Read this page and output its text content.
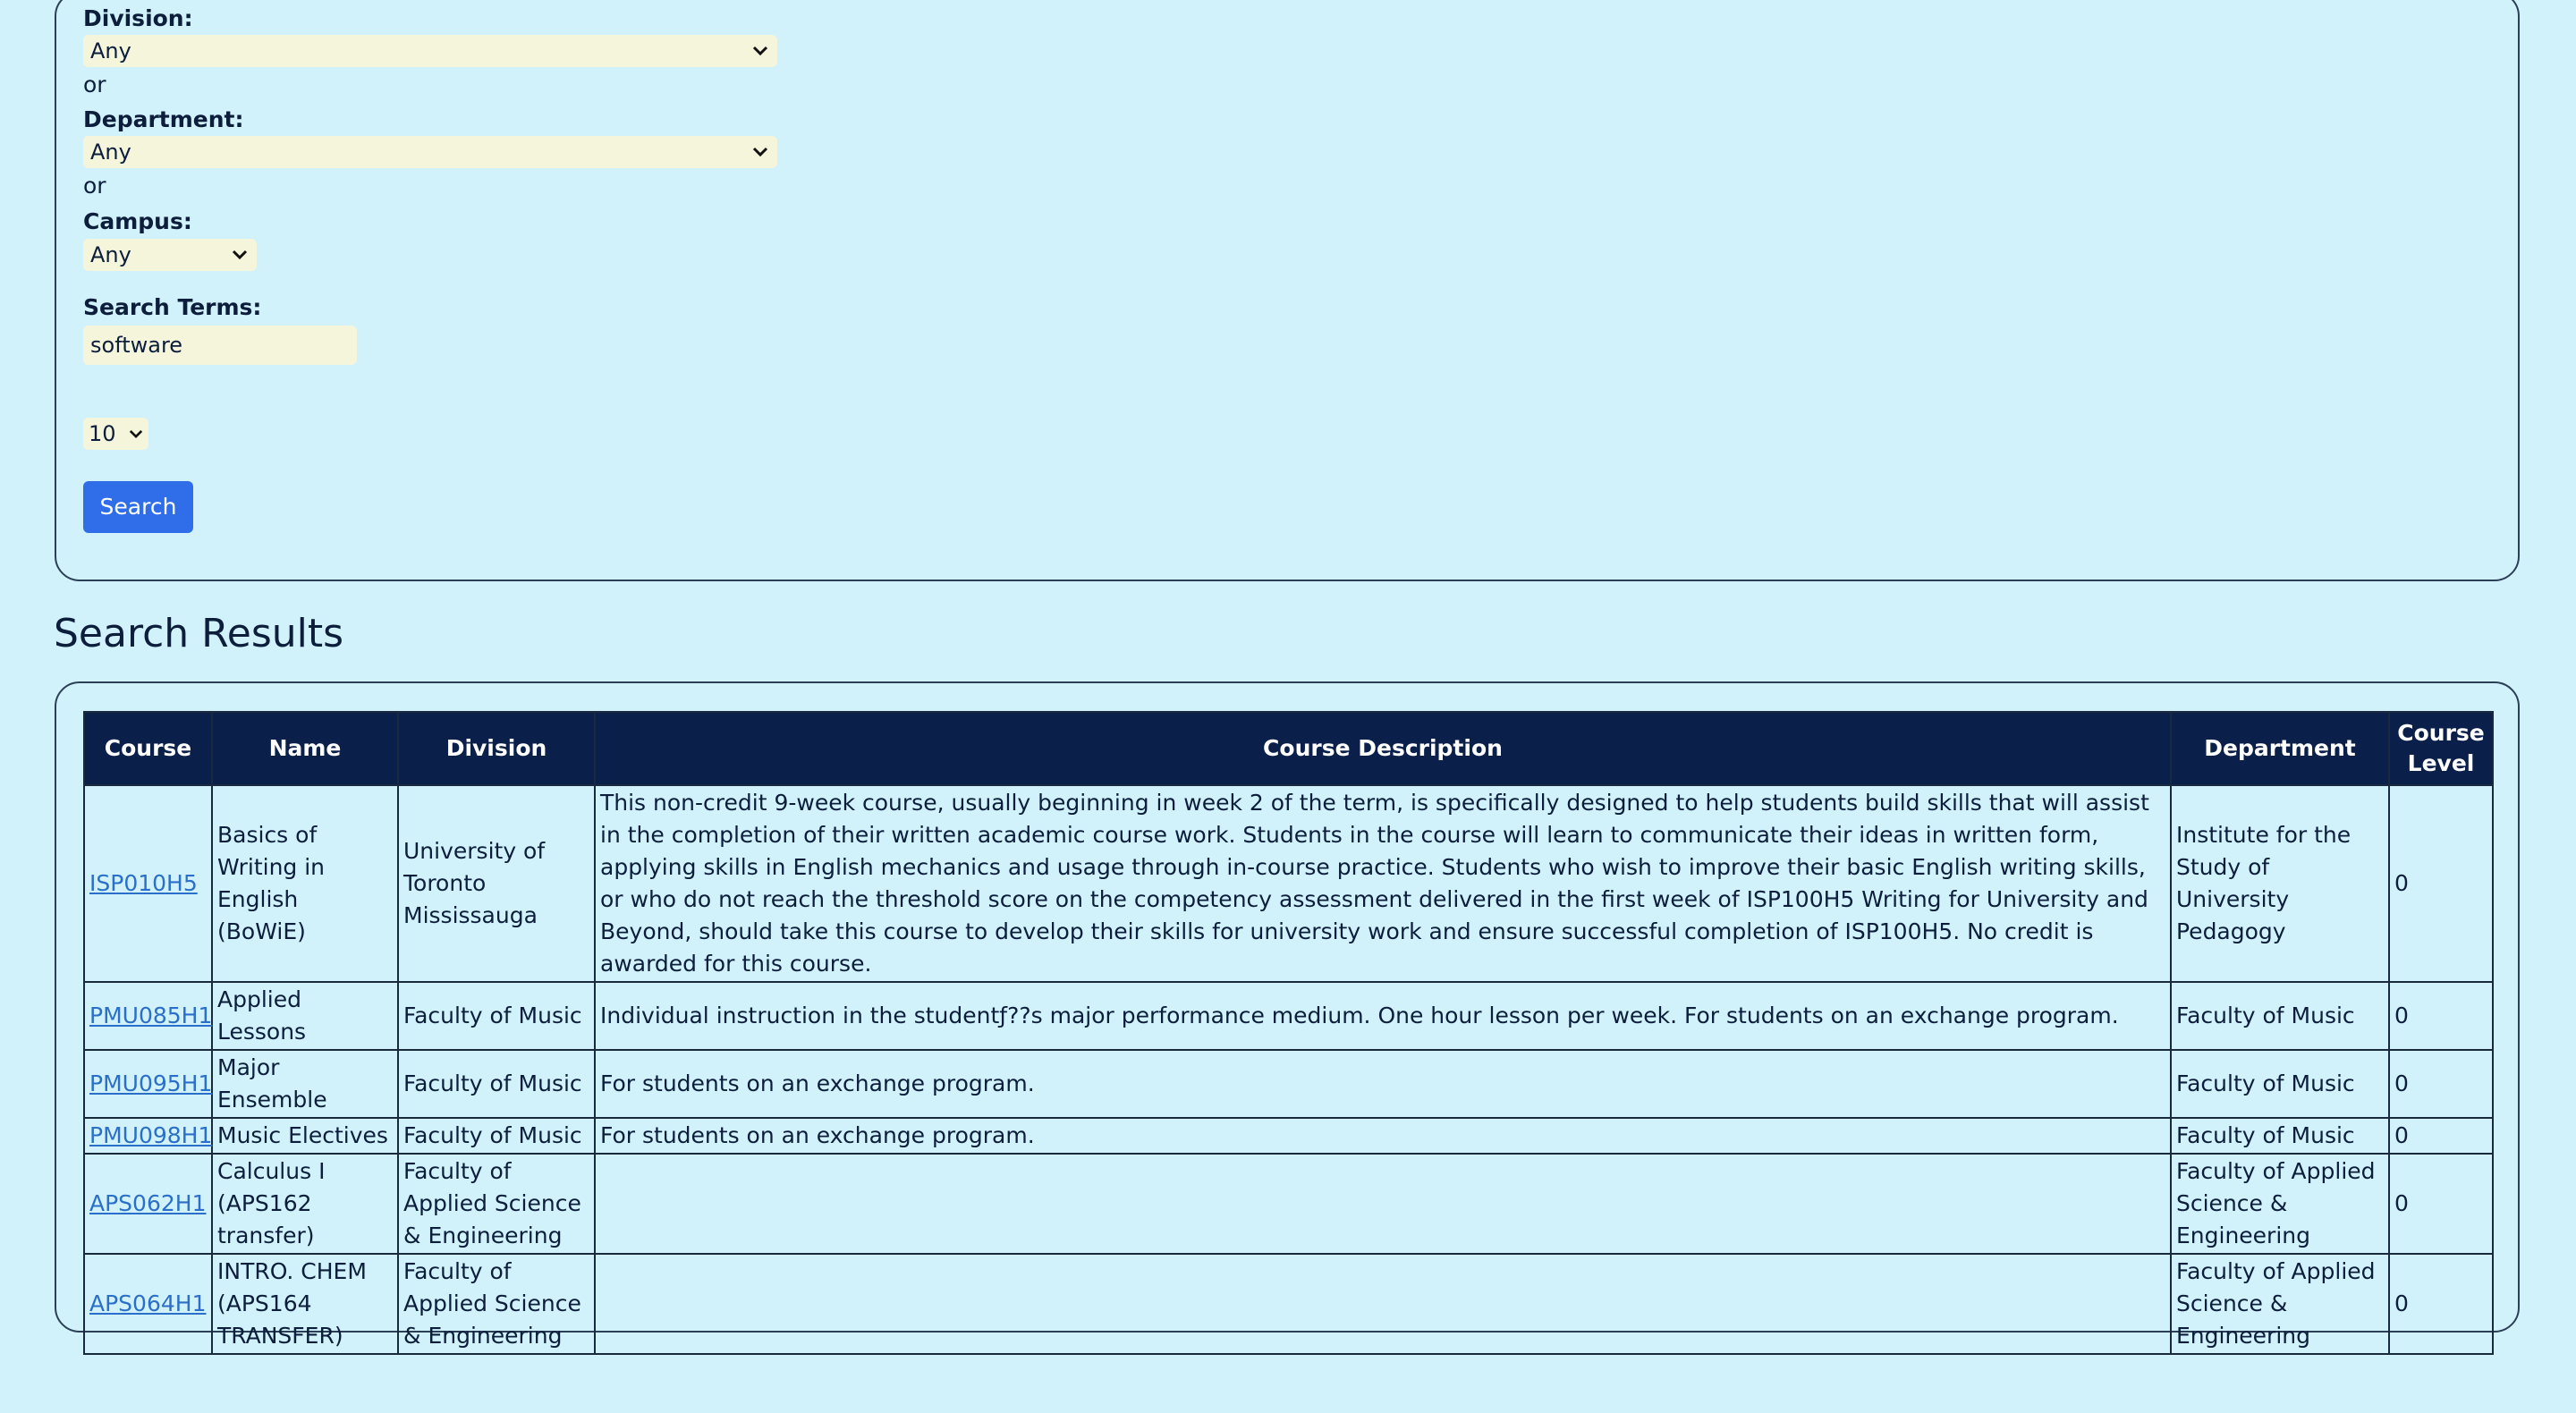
Division:
Any
or
Department:
Any
or
Campus:
Any
Search Terms:
software
10
Search
Search Results
Course	Name	Division	Course Description	Department	Course Level
ISP010H5	Basics of Writing in English (BoWiE)	University of Toronto Mississauga	This non-credit 9-week course, usually beginning in week 2 of the term, is specifically designed to help students build skills that will assist in the completion of their written academic course work. Students in the course will learn to communicate their ideas in written form, applying skills in English mechanics and usage through in-course practice. Students who wish to improve their basic English writing skills, or who do not reach the threshold score on the competency assessment delivered in the first week of ISP100H5 Writing for University and Beyond, should take this course to develop their skills for university work and ensure successful completion of ISP100H5. No credit is awarded for this course.	Institute for the Study of University Pedagogy	0
PMU085H1	Applied Lessons	Faculty of Music	Individual instruction in the studentƒ??s major performance medium. One hour lesson per week. For students on an exchange program.	Faculty of Music	0
PMU095H1	Major Ensemble	Faculty of Music	For students on an exchange program.	Faculty of Music	0
PMU098H1	Music Electives	Faculty of Music	For students on an exchange program.	Faculty of Music	0
APS062H1	Calculus I (APS162 transfer)	Faculty of Applied Science & Engineering		Faculty of Applied Science & Engineering	0
APS064H1	INTRO. CHEM (APS164 TRANSFER)	Faculty of Applied Science & Engineering		Faculty of Applied Science & Engineering	0
